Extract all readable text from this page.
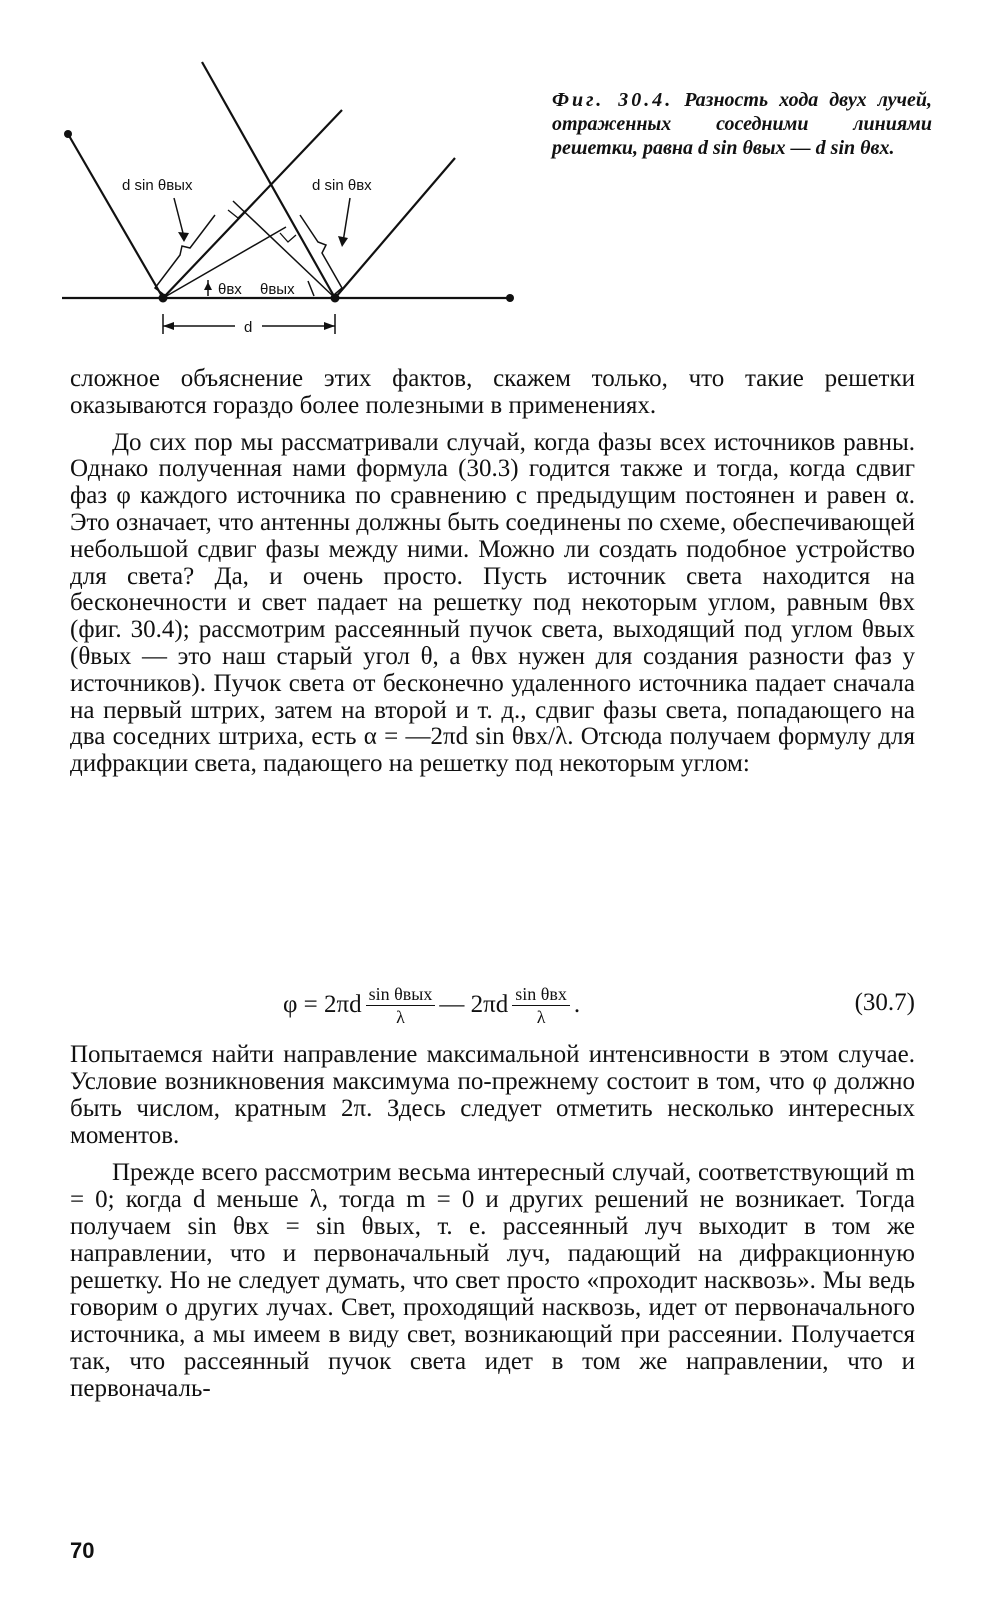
d sin θвых	d sin θвх
θвх θвых
d

Фиг. 30.4. Разность хода двух лучей, отраженных соседними линиями решетки, равна d sin θвых — d sin θвх.

сложное объяснение этих фактов, скажем только, что такие решетки оказываются гораздо более полезными в применениях.

До сих пор мы рассматривали случай, когда фазы всех источников равны. Однако полученная нами формула (30.3) годится также и тогда, когда сдвиг фаз φ каждого источника по сравнению с предыдущим постоянен и равен α. Это означает, что антенны должны быть соединены по схеме, обеспечивающей небольшой сдвиг фазы между ними. Можно ли создать подобное устройство для света? Да, и очень просто. Пусть источник света находится на бесконечности и свет падает на решетку под некоторым углом, равным θвх (фиг. 30.4); рассмотрим рассеянный пучок света, выходящий под углом θвых (θвых — это наш старый угол θ, а θвх нужен для создания разности фаз у источников). Пучок света от бесконечно удаленного источника падает сначала на первый штрих, затем на второй и т. д., сдвиг фазы света, попадающего на два соседних штриха, есть α = —2πd sin θвх/λ. Отсюда получаем формулу для дифракции света, падающего на решетку под некоторым углом:

$\varphi = 2\pi d \frac{\text{sin θвых}}{\lambda}$ — $2\pi d \frac{\text{sin θвх}}{\lambda}$ .	(30.7)

Попытаемся найти направление максимальной интенсивности в этом случае. Условие возникновения максимума по-прежнему состоит в том, что φ должно быть числом, кратным 2π. Здесь следует отметить несколько интересных моментов.

Прежде всего рассмотрим весьма интересный случай, соответствующий m = 0; когда d меньше λ, тогда m = 0 и других решений не возникает. Тогда получаем sin θвх = sin θвых, т. е. рассеянный луч выходит в том же направлении, что и первоначальный луч, падающий на дифракционную решетку. Но не следует думать, что свет просто «проходит насквозь». Мы ведь говорим о других лучах. Свет, проходящий насквозь, идет от первоначального источника, а мы имеем в виду свет, возникающий при рассеянии. Получается так, что рассеянный пучок света идет в том же направлении, что и первоначаль-

70
